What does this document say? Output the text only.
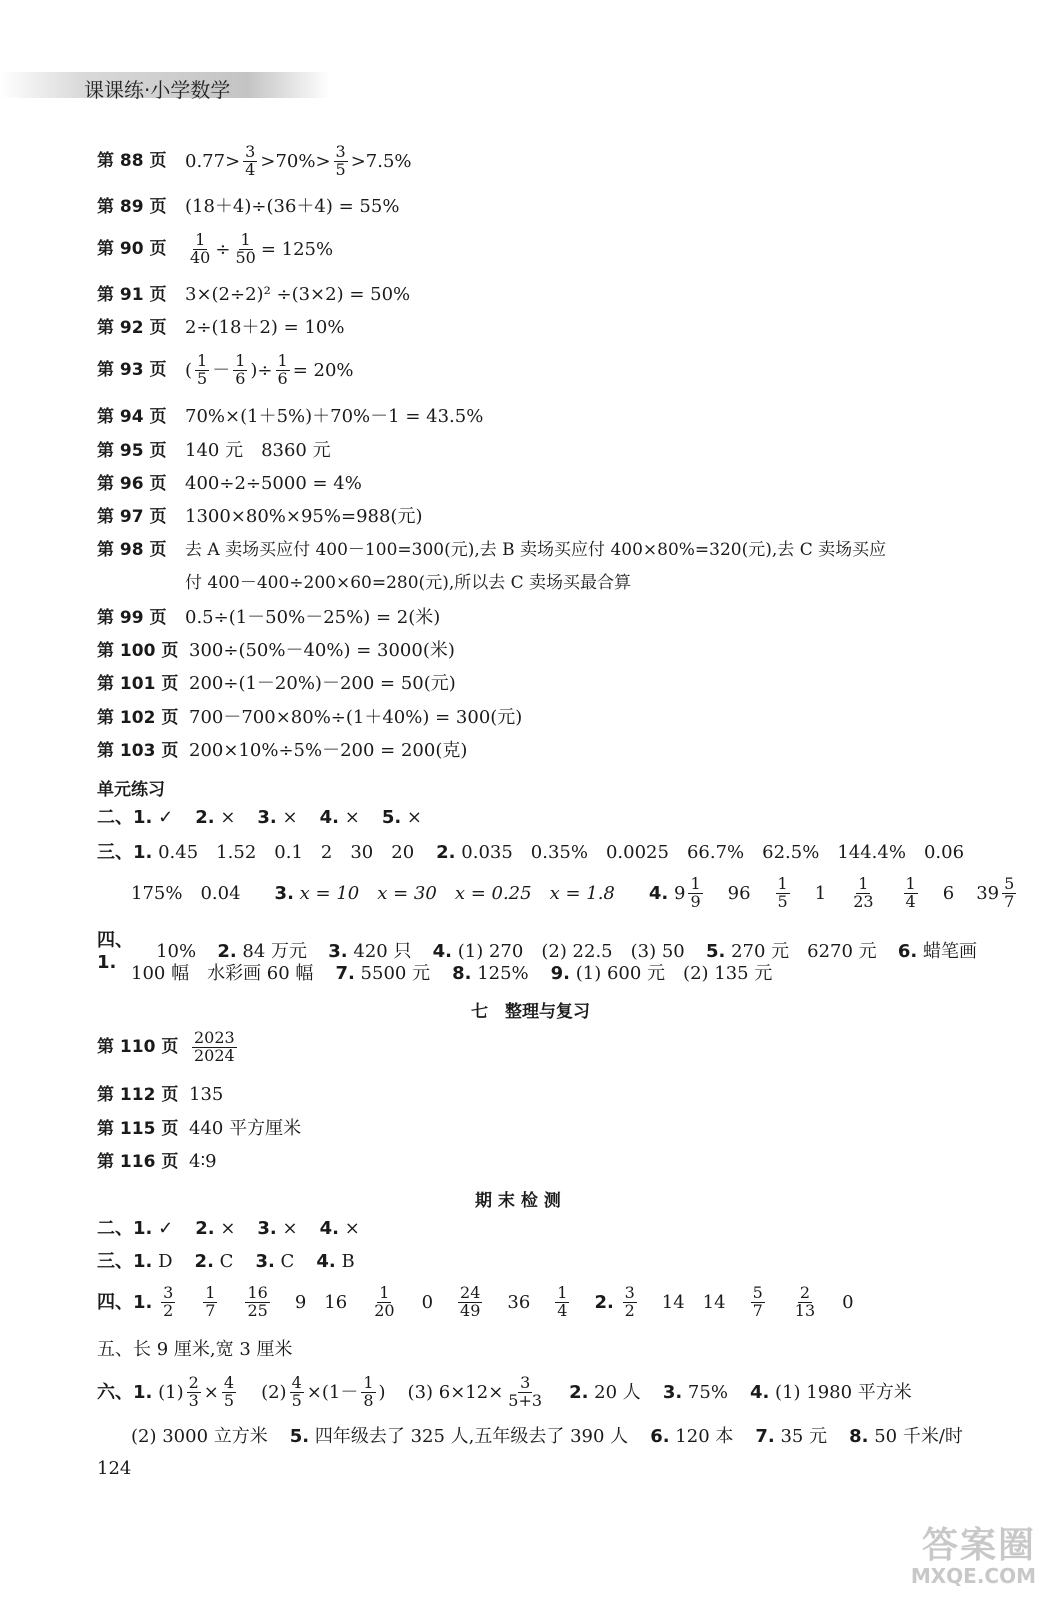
课课练·小学数学
第 88 页	$0.77> \frac{3}{4} >70\%> \frac{3}{5} >7.5\%$
第 89 页	(18＋4)÷(36＋4) = 55%
第 90 页	$\frac{1}{40} \div \frac{1}{50} = 125\%$
第 91 页	3×(2÷2)² ÷(3×2) = 50%
第 92 页	2÷(18＋2) = 10%
第 93 页	( $\frac{1}{5} - \frac{1}{6}$ )÷ $\frac{1}{6} = 20\%$
第 94 页	70%×(1＋5%)＋70%－1 = 43.5%
第 95 页	140 元　8360 元
第 96 页	400÷2÷5000 = 4%
第 97 页	1300×80%×95%=988(元)
第 98 页	去 A 卖场买应付 400－100=300(元),去 B 卖场买应付 400×80%=320(元),去 C 卖场买应
付 400－400÷200×60=280(元),所以去 C 卖场买最合算
第 99 页	0.5÷(1－50%－25%) = 2(米)
第 100 页 300÷(50%－40%) = 3000(米)
第 101 页 200÷(1－20%)－200 = 50(元)
第 102 页 700－700×80%÷(1＋40%) = 300(元)
第 103 页 200×10%÷5%－200 = 200(克)
单元练习
二、1.
✓ 2.
× 3.
× 4.
× 5.
×
三、1.
0.45　1.52　0.1　2　30　20 2.
0.035　0.35%　0.0025　66.7%　62.5%　144.4%　0.06
175%　0.04 3.
x = 10　x = 30　x = 0.25　x = 1.8 4.
$9 \frac{1}{9} 96 \frac{1}{5} 1 \frac{1}{23} \frac{1}{4} 6$ $39 \frac{5}{7}$
四、1.

10% 2.
84 万元 3.
420 只 4.
(1) 270　(2) 22.5　(3) 50 5.
270 元　6270 元 6.
蜡笔画
100 幅　水彩画 60 幅 7.
5500 元 8.
125% 9.
(1) 600 元　(2) 135 元
七　整理与复习
第 110 页 $\frac{2023}{2024}$
第 112 页 135
第 115 页 440 平方厘米
第 116 页 4∶9
期 末 检 测
二、1.
✓ 2.
× 3.
× 4.
×
三、1.
D 2.
C 3.
C 4.
B
四、1.
$\frac{3}{2} \frac{1}{7} \frac{16}{25} 9$　$16 \frac{1}{20} 0 \frac{24}{49} 36 \frac{1}{4} 2$.
$\frac{3}{2} 14$　$14 \frac{5}{7} \frac{2}{13} 0$
五、长 9 厘米,宽 3 厘米
六、1.
$(1) \frac{2}{3} \times \frac{4}{5} (2) \frac{4}{5} \times(1- \frac{1}{8}$ ) (3) $6\times 12\times \frac{3}{5+3} 2$.
20 人 3.
75% 4.
(1) 1980 平方米
(2) 3000 立方米 5.
四年级去了 325 人,五年级去了 390 人 6.
120 本 7.
35 元 8.
50 千米/时
124
答案圈
MXQE.COM
